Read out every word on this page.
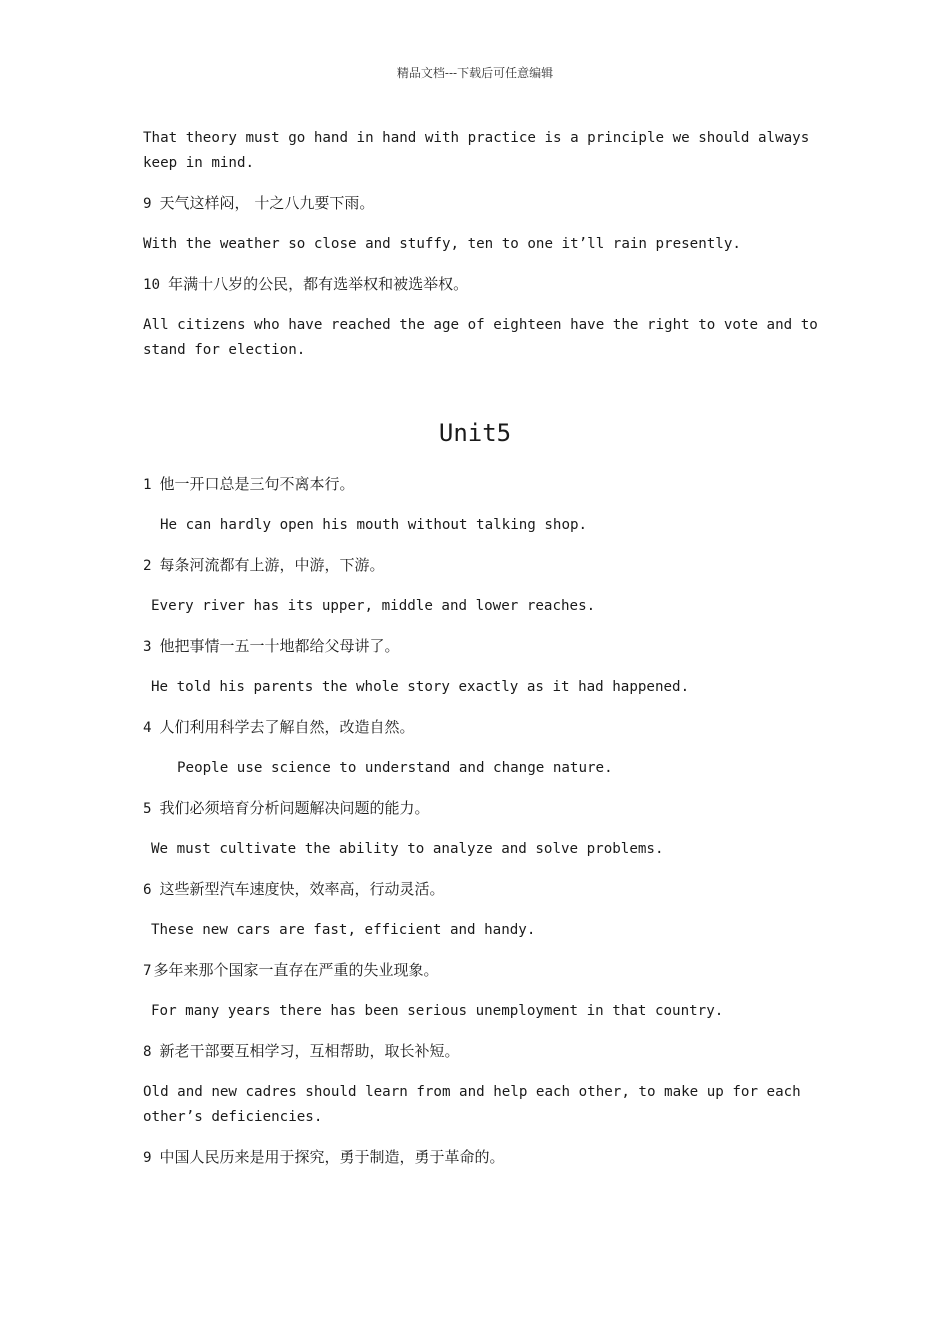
精品文档---下载后可任意编辑

That theory must go hand in hand with practice is a principle we should always keep in mind.

9 天气这样闷， 十之八九要下雨。

With the weather so close and stuffy, ten to one it’ll rain presently.

10 年满十八岁的公民，都有选举权和被选举权。

All citizens who have reached the age of eighteen have the right to vote and to stand for election.

Unit5

1 他一开口总是三句不离本行。

He can hardly open his mouth without talking shop.

2 每条河流都有上游，中游，下游。

Every river has its upper, middle and lower reaches.

3 他把事情一五一十地都给父母讲了。

He told his parents the whole story exactly as it had happened.

4 人们利用科学去了解自然，改造自然。

People use science to understand and change nature.

5 我们必须培育分析问题解决问题的能力。

We must cultivate the ability to analyze and solve problems.

6 这些新型汽车速度快，效率高，行动灵活。

These new cars are fast, efficient and handy.

7 多年来那个国家一直存在严重的失业现象。

For many years there has been serious unemployment in that country.

8 新老干部要互相学习，互相帮助，取长补短。

Old and new cadres should learn from and help each other, to make up for each other’s deficiencies.

9 中国人民历来是用于探究，勇于制造，勇于革命的。
